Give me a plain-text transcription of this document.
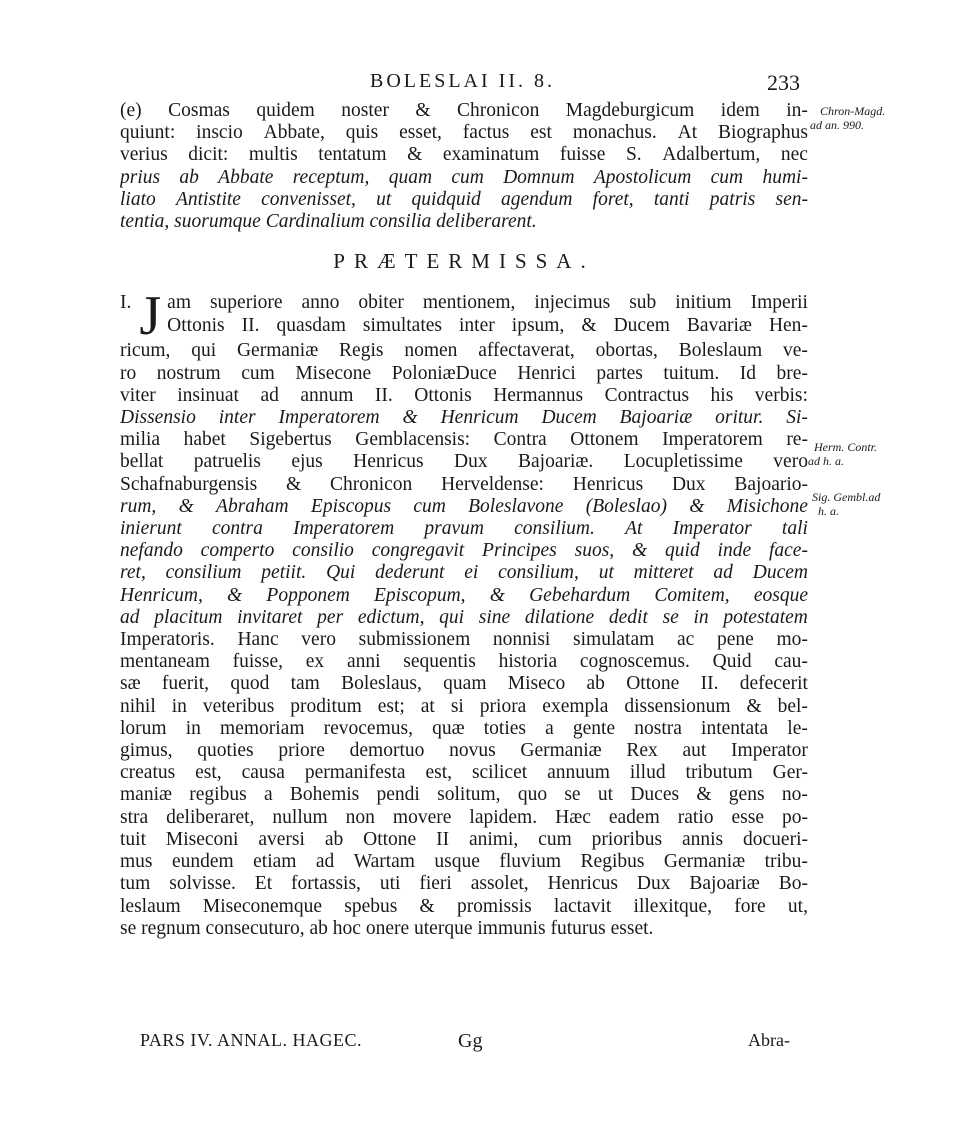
BOLESLAI II. 8.	233
(e) Cosmas quidem noster & Chronicon Magdeburgicum idem in-
quiunt: inscio Abbate, quis esset, factus est monachus. At Biographus
verius dicit: multis tentatum & examinatum fuisse S. Adalbertum, nec
prius ab Abbate receptum, quam cum Domnum Apostolicum cum humi-
liato Antistite convenisset, ut quidquid agendum foret, tanti patris sen-
tentia, suorumque Cardinalium consilia deliberarent.
PRÆTERMISSA.
I. J am superiore anno obiter mentionem, injecimus sub initium Imperii
Ottonis II. quasdam simultates inter ipsum, & Ducem Bavariæ Hen-
ricum, qui Germaniæ Regis nomen affectaverat, obortas, Boleslaum ve-
ro nostrum cum Misecone PoloniæDuce Henrici partes tuitum. Id bre-
viter insinuat ad annum II. Ottonis Hermannus Contractus his verbis:
Dissensio inter Imperatorem & Henricum Ducem Bajoariæ oritur. Si-
milia habet Sigebertus Gemblacensis: Contra Ottonem Imperatorem re-
bellat patruelis ejus Henricus Dux Bajoariæ. Locupletissime vero
Schafnaburgensis & Chronicon Herveldense: Henricus Dux Bajoario-
rum, & Abraham Episcopus cum Boleslavone (Boleslao) & Misichone
inierunt contra Imperatorem pravum consilium. At Imperator tali
nefando comperto consilio congregavit Principes suos, & quid inde face-
ret, consilium petiit. Qui dederunt ei consilium, ut mitteret ad Ducem
Henricum, & Popponem Episcopum, & Gebehardum Comitem, eosque
ad placitum invitaret per edictum, qui sine dilatione dedit se in potestatem
Imperatoris. Hanc vero submissionem nonnisi simulatam ac pene mo-
mentaneam fuisse, ex anni sequentis historia cognoscemus. Quid cau-
sæ fuerit, quod tam Boleslaus, quam Miseco ab Ottone II. defecerit
nihil in veteribus proditum est; at si priora exempla dissensionum & bel-
lorum in memoriam revocemus, quæ toties a gente nostra intentata le-
gimus, quoties priore demortuo novus Germaniæ Rex aut Imperator
creatus est, causa permanifesta est, scilicet annuum illud tributum Ger-
maniæ regibus a Bohemis pendi solitum, quo se ut Duces & gens no-
stra deliberaret, nullum non movere lapidem. Hæc eadem ratio esse po-
tuit Miseconi aversi ab Ottone II animi, cum prioribus annis docueri-
mus eundem etiam ad Wartam usque fluvium Regibus Germaniæ tribu-
tum solvisse. Et fortassis, uti fieri assolet, Henricus Dux Bajoariæ Bo-
leslaum Miseconemque spebus & promissis lactavit illexitque, fore ut,
se regnum consecuturo, ab hoc onere uterque immunis futurus esset.
Chron-Magd.
ad an. 990.
Herm. Contr.
ad h. a.
Sig. Gembl.ad
h. a.
PARS IV. ANNAL. HAGEC.	Gg	Abra-
